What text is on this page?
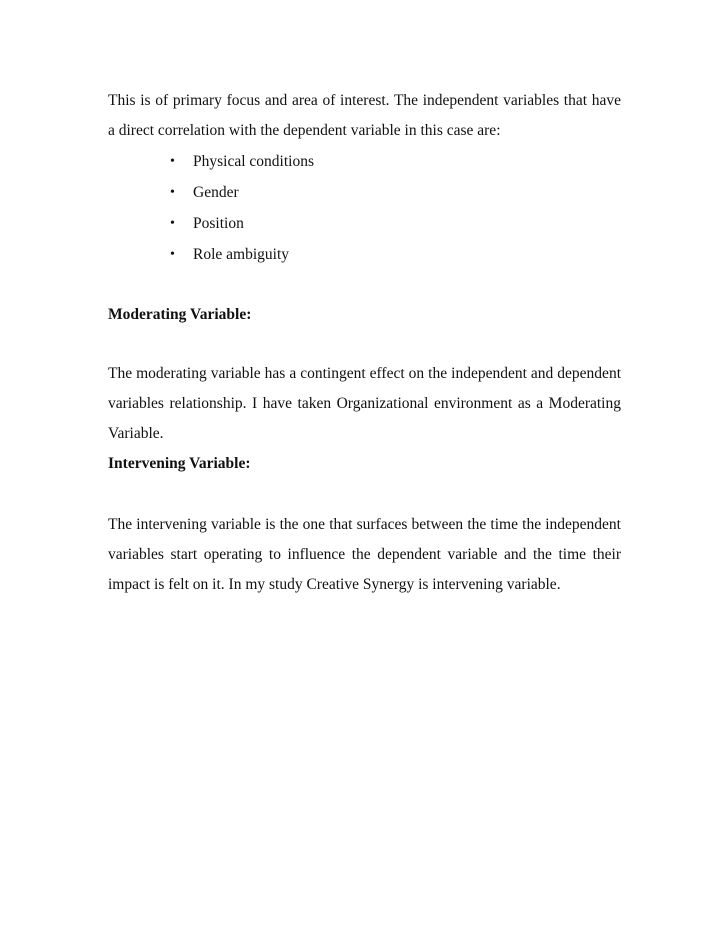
This is of primary focus and area of interest. The independent variables that have a direct correlation with the dependent variable in this case are:

•	Physical conditions
•	Gender
•	Position
•	Role ambiguity
Moderating Variable:

The moderating variable has a contingent effect on the independent and dependent variables relationship. I have taken Organizational environment as a Moderating Variable.

Intervening Variable:

The intervening variable is the one that surfaces between the time the independent variables start operating to influence the dependent variable and the time their impact is felt on it. In my study Creative Synergy is intervening variable.
